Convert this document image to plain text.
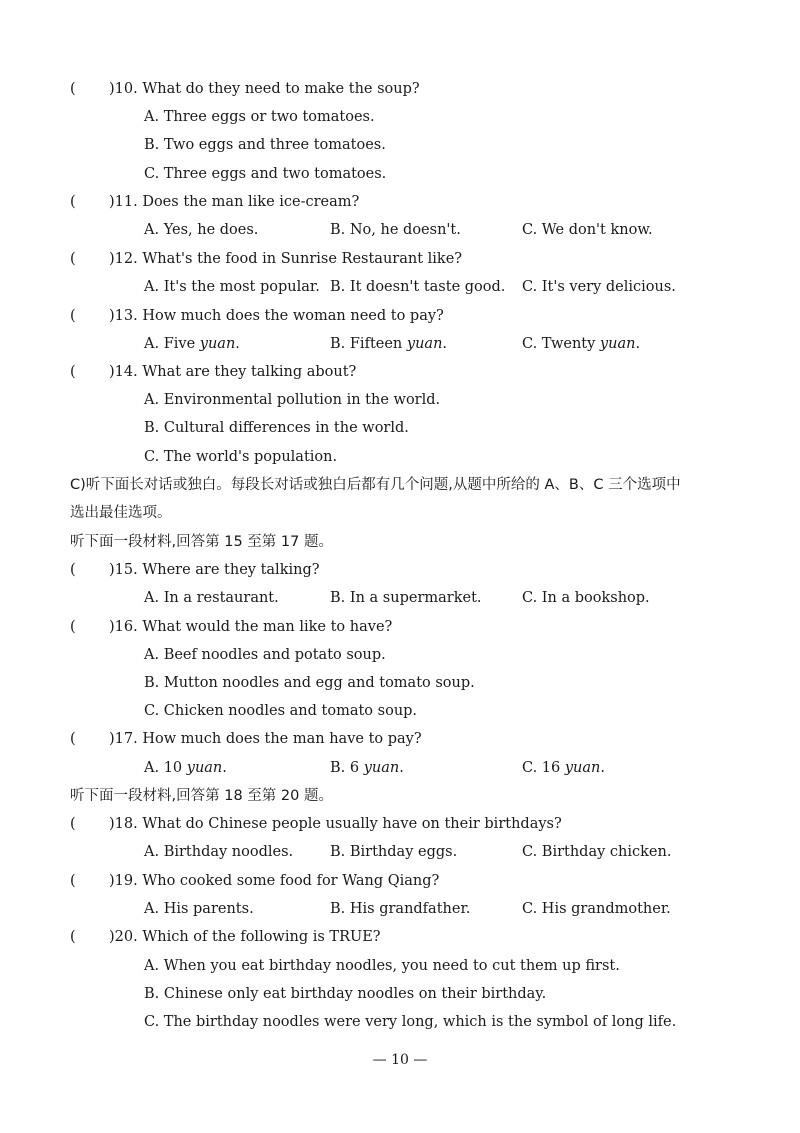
( )10. What do they need to make the soup?
A. Three eggs or two tomatoes.
B. Two eggs and three tomatoes.
C. Three eggs and two tomatoes.
( )11. Does the man like ice-cream?
A. Yes, he does.	B. No, he doesn't.	C. We don't know.
( )12. What's the food in Sunrise Restaurant like?
A. It's the most popular. B. It doesn't taste good. C. It's very delicious.
( )13. How much does the woman need to pay?
A. Five yuan.	B. Fifteen yuan.	C. Twenty yuan.
( )14. What are they talking about?
A. Environmental pollution in the world.
B. Cultural differences in the world.
C. The world's population.
C)听下面长对话或独白。每段长对话或独白后都有几个问题,从题中所给的 A、B、C 三个选项中
选出最佳选项。
听下面一段材料,回答第 15 至第 17 题。
( )15. Where are they talking?
A. In a restaurant.	B. In a supermarket.	C. In a bookshop.
( )16. What would the man like to have?
A. Beef noodles and potato soup.
B. Mutton noodles and egg and tomato soup.
C. Chicken noodles and tomato soup.
( )17. How much does the man have to pay?
A. 10 yuan.	B. 6 yuan.	C. 16 yuan.
听下面一段材料,回答第 18 至第 20 题。
( )18. What do Chinese people usually have on their birthdays?
A. Birthday noodles.	B. Birthday eggs.	C. Birthday chicken.
( )19. Who cooked some food for Wang Qiang?
A. His parents.	B. His grandfather.	C. His grandmother.
( )20. Which of the following is TRUE?
A. When you eat birthday noodles, you need to cut them up first.
B. Chinese only eat birthday noodles on their birthday.
C. The birthday noodles were very long, which is the symbol of long life.
— 10 —
